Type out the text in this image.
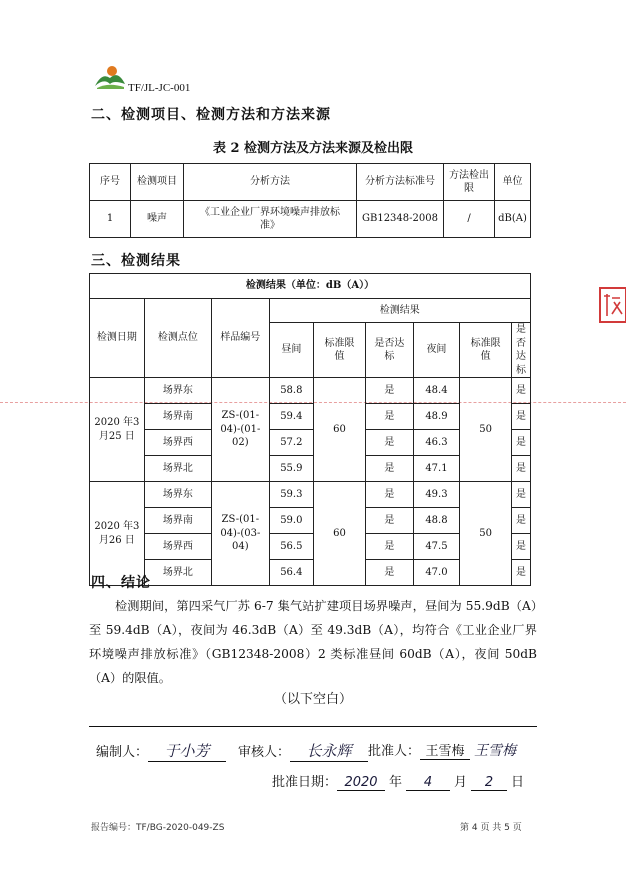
TF/JL-JC-001
二、检测项目、检测方法和方法来源
表 2 检测方法及方法来源及检出限
序号	检测项目	分析方法	分析方法标准号	方法检出限	单位
1	噪声	《工业企业厂界环境噪声排放标准》	GB12348-2008	/	dB(A)
三、检测结果
检测结果（单位：dB（A））								
检测日期	检测点位	样品编号	检测结果					
			昼间	标准限值	是否达标	夜间	标准限值	是否达标
2020 年3 月25 日	场界东	ZS-(01-04)-(01-02)	58.8	60	是	48.4	50	是
	场界南		59.4		是	48.9		是
	场界西		57.2		是	46.3		是
	场界北		55.9		是	47.1		是
2020 年3 月26 日	场界东	ZS-(01-04)-(03-04)	59.3	60	是	49.3	50	是
	场界南		59.0		是	48.8		是
	场界西		56.5		是	47.5		是
	场界北		56.4		是	47.0		是
四、结论
检测期间，第四采气厂苏 6-7 集气站扩建项目场界噪声，昼间为 55.9dB（A）至 59.4dB（A），夜间为 46.3dB（A）至 49.3dB（A），均符合《工业企业厂界环境噪声排放标准》（GB12348-2008）2 类标准昼间 60dB（A），夜间 50dB（A）的限值。
（以下空白）
编制人： 于小芳	审核人： 长永辉	批准人： 王雪梅 王雪梅
批准日期： 2020 年 4 月 2 日
报告编号：TF/BG-2020-049-ZS	第 4 页 共 5 页
